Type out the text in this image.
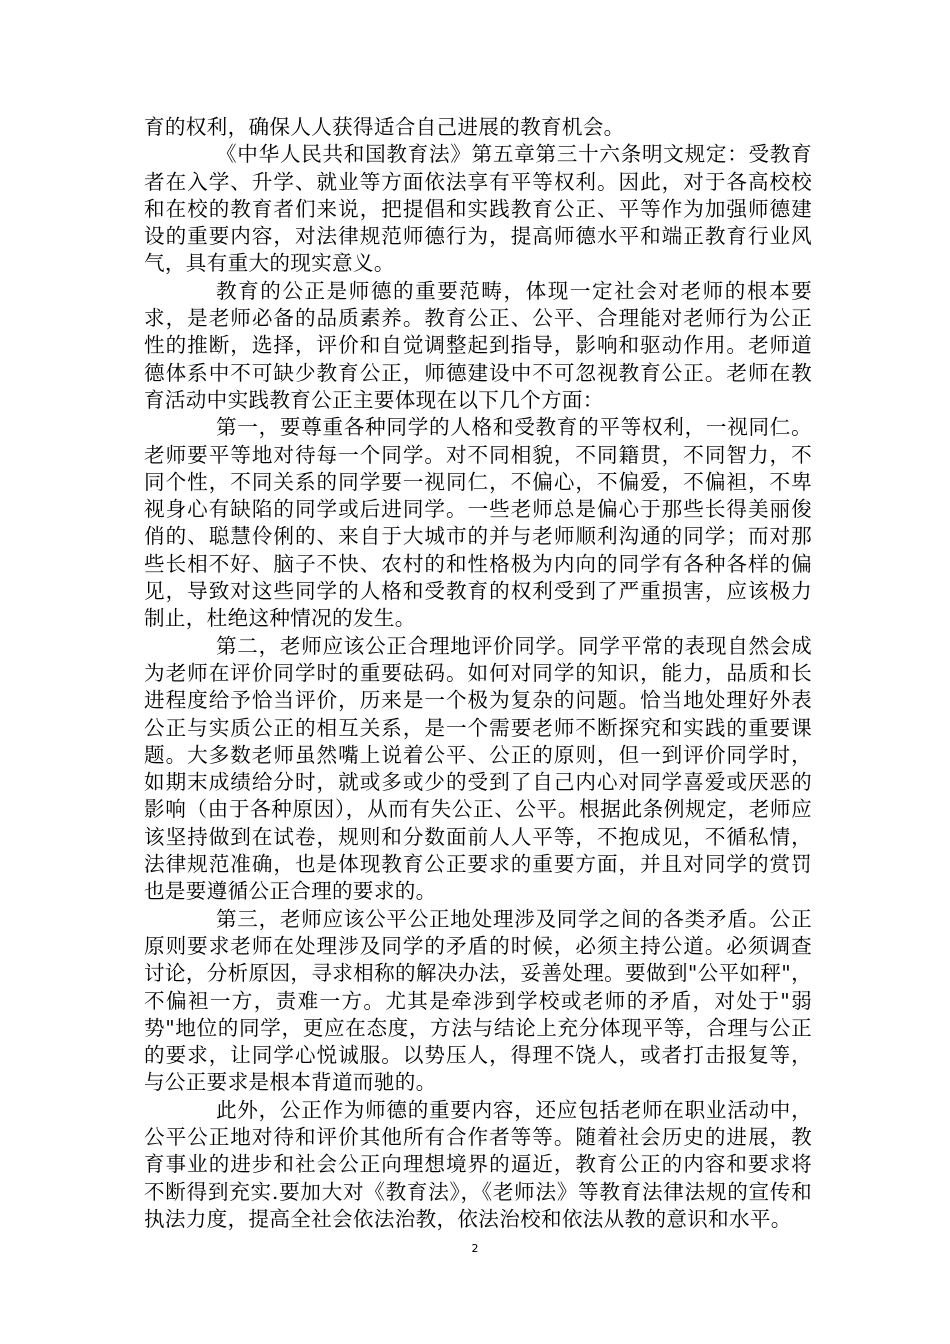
育的权利，确保人人获得适合自己进展的教育机会。

《中华人民共和国教育法》第五章第三十六条明文规定：受教育者在入学、升学、就业等方面依法享有平等权利。因此，对于各高校校和在校的教育者们来说，把提倡和实践教育公正、平等作为加强师德建设的重要内容，对法律规范师德行为，提高师德水平和端正教育行业风气，具有重大的现实意义。

教育的公正是师德的重要范畴，体现一定社会对老师的根本要求，是老师必备的品质素养。教育公正、公平、合理能对老师行为公正性的推断，选择，评价和自觉调整起到指导，影响和驱动作用。老师道德体系中不可缺少教育公正，师德建设中不可忽视教育公正。老师在教育活动中实践教育公正主要体现在以下几个方面：

第一，要尊重各种同学的人格和受教育的平等权利，一视同仁。老师要平等地对待每一个同学。对不同相貌，不同籍贯，不同智力，不同个性，不同关系的同学要一视同仁，不偏心，不偏爱，不偏袒，不卑视身心有缺陷的同学或后进同学。一些老师总是偏心于那些长得美丽俊俏的、聪慧伶俐的、来自于大城市的并与老师顺利沟通的同学；而对那些长相不好、脑子不快、农村的和性格极为内向的同学有各种各样的偏见，导致对这些同学的人格和受教育的权利受到了严重损害，应该极力制止，杜绝这种情况的发生。

第二，老师应该公正合理地评价同学。同学平常的表现自然会成为老师在评价同学时的重要砝码。如何对同学的知识，能力，品质和长进程度给予恰当评价，历来是一个极为复杂的问题。恰当地处理好外表公正与实质公正的相互关系，是一个需要老师不断探究和实践的重要课题。大多数老师虽然嘴上说着公平、公正的原则，但一到评价同学时，如期末成绩给分时，就或多或少的受到了自己内心对同学喜爱或厌恶的影响（由于各种原因），从而有失公正、公平。根据此条例规定，老师应该坚持做到在试卷，规则和分数面前人人平等，不抱成见，不循私情，法律规范准确，也是体现教育公正要求的重要方面，并且对同学的赏罚也是要遵循公正合理的要求的。

第三，老师应该公平公正地处理涉及同学之间的各类矛盾。公正原则要求老师在处理涉及同学的矛盾的时候，必须主持公道。必须调查讨论，分析原因，寻求相称的解决办法，妥善处理。要做到"公平如秤"，不偏袒一方，责难一方。尤其是牵涉到学校或老师的矛盾，对处于"弱势"地位的同学，更应在态度，方法与结论上充分体现平等，合理与公正的要求，让同学心悦诚服。以势压人，得理不饶人，或者打击报复等，与公正要求是根本背道而驰的。

此外，公正作为师德的重要内容，还应包括老师在职业活动中，公平公正地对待和评价其他所有合作者等等。随着社会历史的进展，教育事业的进步和社会公正向理想境界的逼近，教育公正的内容和要求将不断得到充实.要加大对《教育法》，《老师法》等教育法律法规的宣传和执法力度，提高全社会依法治教，依法治校和依法从教的意识和水平。

2
